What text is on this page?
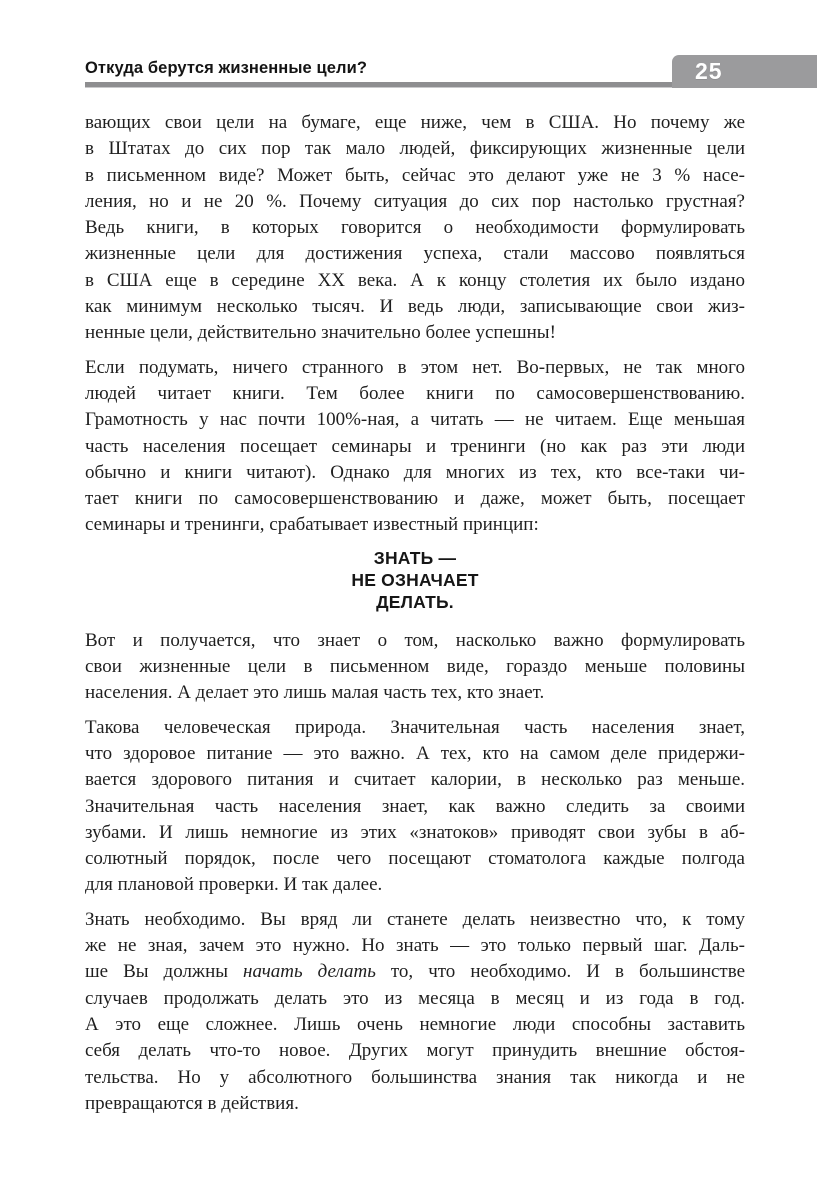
Откуда берутся жизненные цели?	25

вающих свои цели на бумаге, еще ниже, чем в США. Но почему же
в Штатах до сих пор так мало людей, фиксирующих жизненные цели
в письменном виде? Может быть, сейчас это делают уже не 3 % насе-
ления, но и не 20 %. Почему ситуация до сих пор настолько грустная?
Ведь книги, в которых говорится о необходимости формулировать
жизненные цели для достижения успеха, стали массово появляться
в США еще в середине XX века. А к концу столетия их было издано
как минимум несколько тысяч. И ведь люди, записывающие свои жиз-
ненные цели, действительно значительно более успешны!

Если подумать, ничего странного в этом нет. Во-первых, не так много
людей читает книги. Тем более книги по самосовершенствованию.
Грамотность у нас почти 100%-ная, а читать — не читаем. Еще меньшая
часть населения посещает семинары и тренинги (но как раз эти люди
обычно и книги читают). Однако для многих из тех, кто все-таки чи-
тает книги по самосовершенствованию и даже, может быть, посещает
семинары и тренинги, срабатывает известный принцип:

ЗНАТЬ —
НЕ ОЗНАЧАЕТ
ДЕЛАТЬ.

Вот и получается, что знает о том, насколько важно формулировать
свои жизненные цели в письменном виде, гораздо меньше половины
населения. А делает это лишь малая часть тех, кто знает.

Такова человеческая природа. Значительная часть населения знает,
что здоровое питание — это важно. А тех, кто на самом деле придержи-
вается здорового питания и считает калории, в несколько раз меньше.
Значительная часть населения знает, как важно следить за своими
зубами. И лишь немногие из этих «знатоков» приводят свои зубы в аб-
солютный порядок, после чего посещают стоматолога каждые полгода
для плановой проверки. И так далее.

Знать необходимо. Вы вряд ли станете делать неизвестно что, к тому
же не зная, зачем это нужно. Но знать — это только первый шаг. Даль-
ше Вы должны начать делать то, что необходимо. И в большинстве
случаев продолжать делать это из месяца в месяц и из года в год.
А это еще сложнее. Лишь очень немногие люди способны заставить
себя делать что-то новое. Других могут принудить внешние обстоя-
тельства. Но у абсолютного большинства знания так никогда и не
превращаются в действия.
